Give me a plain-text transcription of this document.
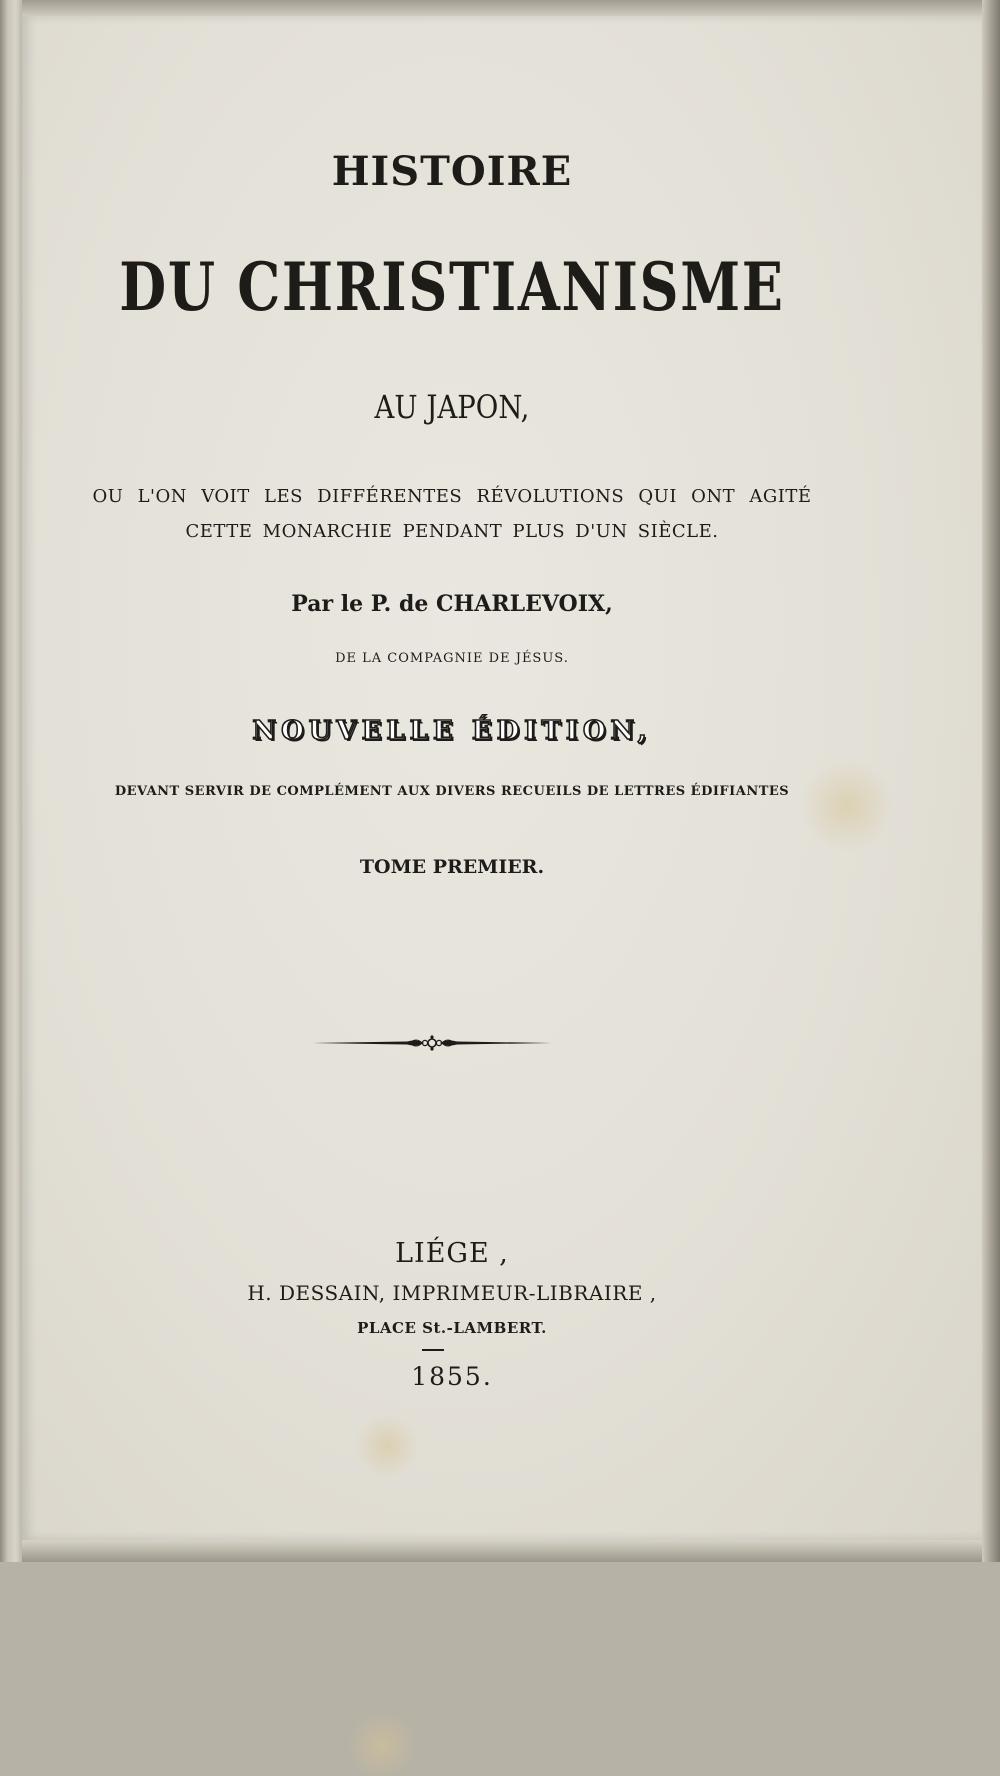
HISTOIRE
DU CHRISTIANISME
AU JAPON,
OU L'ON VOIT LES DIFFÉRENTES RÉVOLUTIONS QUI ONT AGITÉ
CETTE MONARCHIE PENDANT PLUS D'UN SIÈCLE.
Par le P. de CHARLEVOIX,
DE LA COMPAGNIE DE JÉSUS.
NOUVELLE ÉDITION,
DEVANT SERVIR DE COMPLÉMENT AUX DIVERS RECUEILS DE LETTRES ÉDIFIANTES
TOME PREMIER.
LIÉGE ,
H. DESSAIN, IMPRIMEUR-LIBRAIRE ,
PLACE St.-LAMBERT.
1855.
